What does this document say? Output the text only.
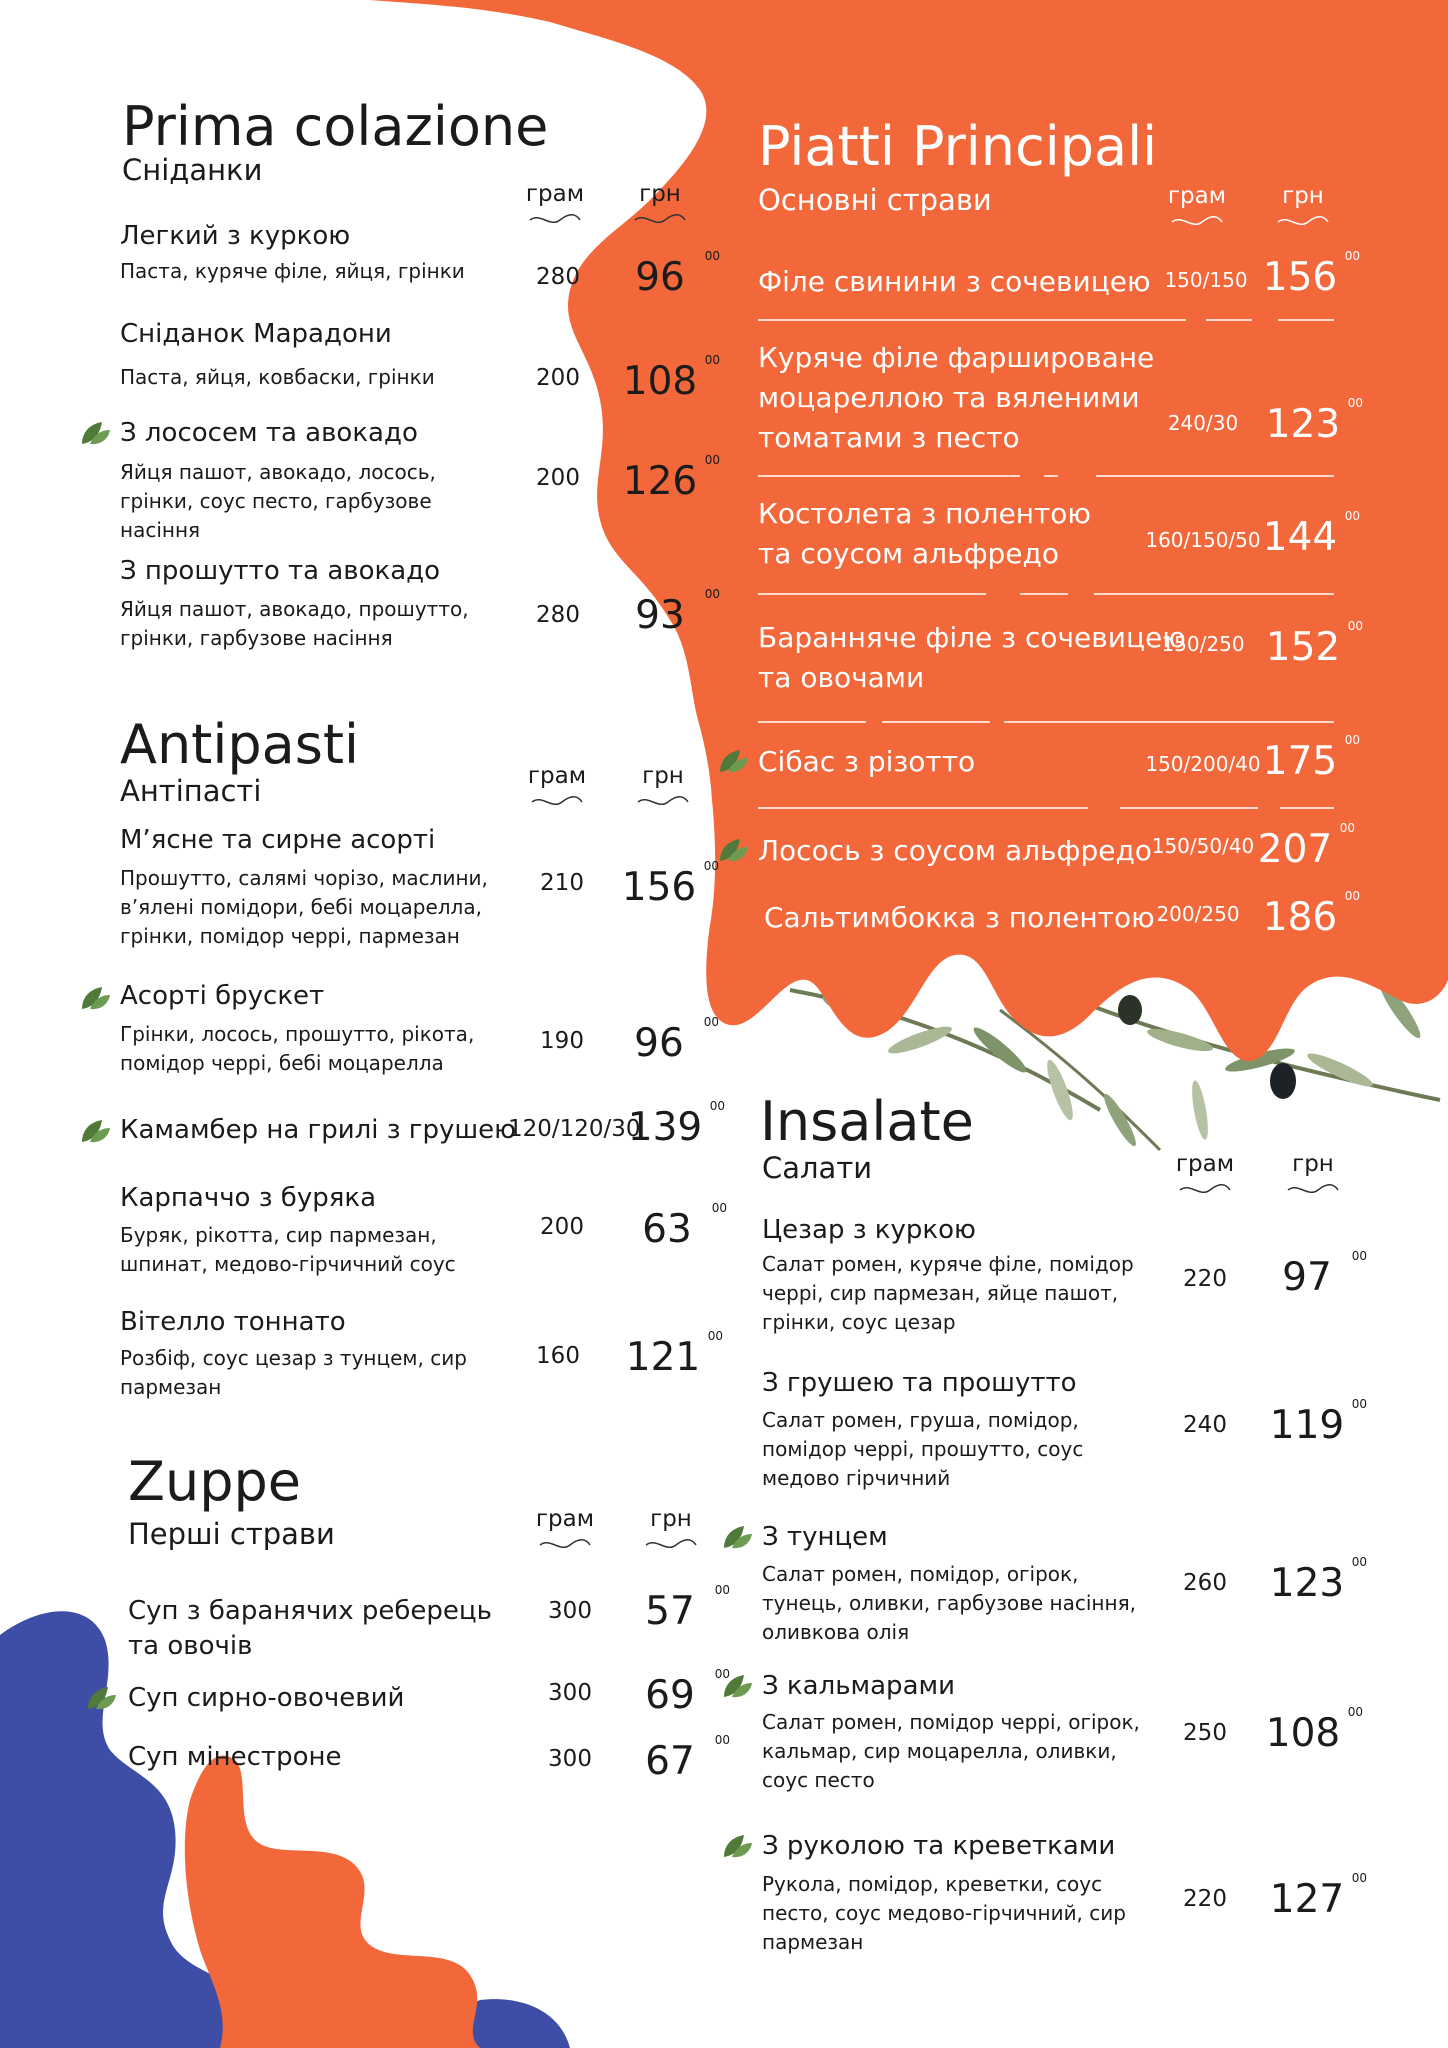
Prima colazione
Сніданки
грам	грн
Легкий з куркою
Паста, куряче філе, яйця, грінки	280	96 00
Сніданок Марадони
Паста, яйця, ковбаски, грінки	200	108 00
З лососем та авокадо
Яйця пашот, авокадо, лосось,
грінки, соус песто, гарбузове
насіння
200	126 00
З прошутто та авокадо
Яйця пашот, авокадо, прошутто,
грінки, гарбузове насіння
280	93 00
Antipasti
Антіпасті	грам	грн
М’ясне та сирне асорті
Прошутто, салямі чорізо, маслини,
в’ялені помідори, бебі моцарелла,
грінки, помідор черрі, пармезан
210 156 00
Асорті брускет
Грінки, лосось, прошутто, рікота,
помідор черрі, бебі моцарелла
190	96 00
Камамбер на грилі з грушею
120/120/30
139 00
Карпаччо з буряка
Буряк, рікотта, сир пармезан,
шпинат, медово-гірчичний соус
200	63 00
Вітелло тоннато
Розбіф, соус цезар з тунцем, сир
пармезан
160	121 00
Zuppe
Перші страви	грам	грн
Суп з баранячих реберець
та овочів
300	57 00
Суп сирно-овочевий	300	69 00
Суп мінестроне	300	67 00
Piatti Principali
Основні страви	грам	грн
Філе свинини з сочевицею 150/150 156 00
Куряче філе фаршироване
моцареллою та вяленими
томатами з песто	240/30 123 00
Костолета з полентою
та соусом альфредо	160/150/50 144 00
Баранняче філе з сочевицею
та овочами
150/250 152 00
Сібас з різотто	150/200/40 175 00
Лосось з соусом альфредо 150/50/40 207 00
Сальтимбокка з полентою 200/250 186 00
Insalate
Салати	грам	грн
Цезар з куркою
Салат ромен, куряче філе, помідор
черрі, сир пармезан, яйце пашот,
грінки, соус цезар
220	97 00
З грушею та прошутто
Салат ромен, груша, помідор,
помідор черрі, прошутто, соус
медово гірчичний
240	119 00
З тунцем
Салат ромен, помідор, огірок,
тунець, оливки, гарбузове насіння,
оливкова олія
260	123 00
З кальмарами
Салат ромен, помідор черрі, огірок,
кальмар, сир моцарелла, оливки,
соус песто
250 108 00
З руколою та креветками
Рукола, помідор, креветки, соус
песто, соус медово-гірчичний, сир
пармезан
220	127 00
